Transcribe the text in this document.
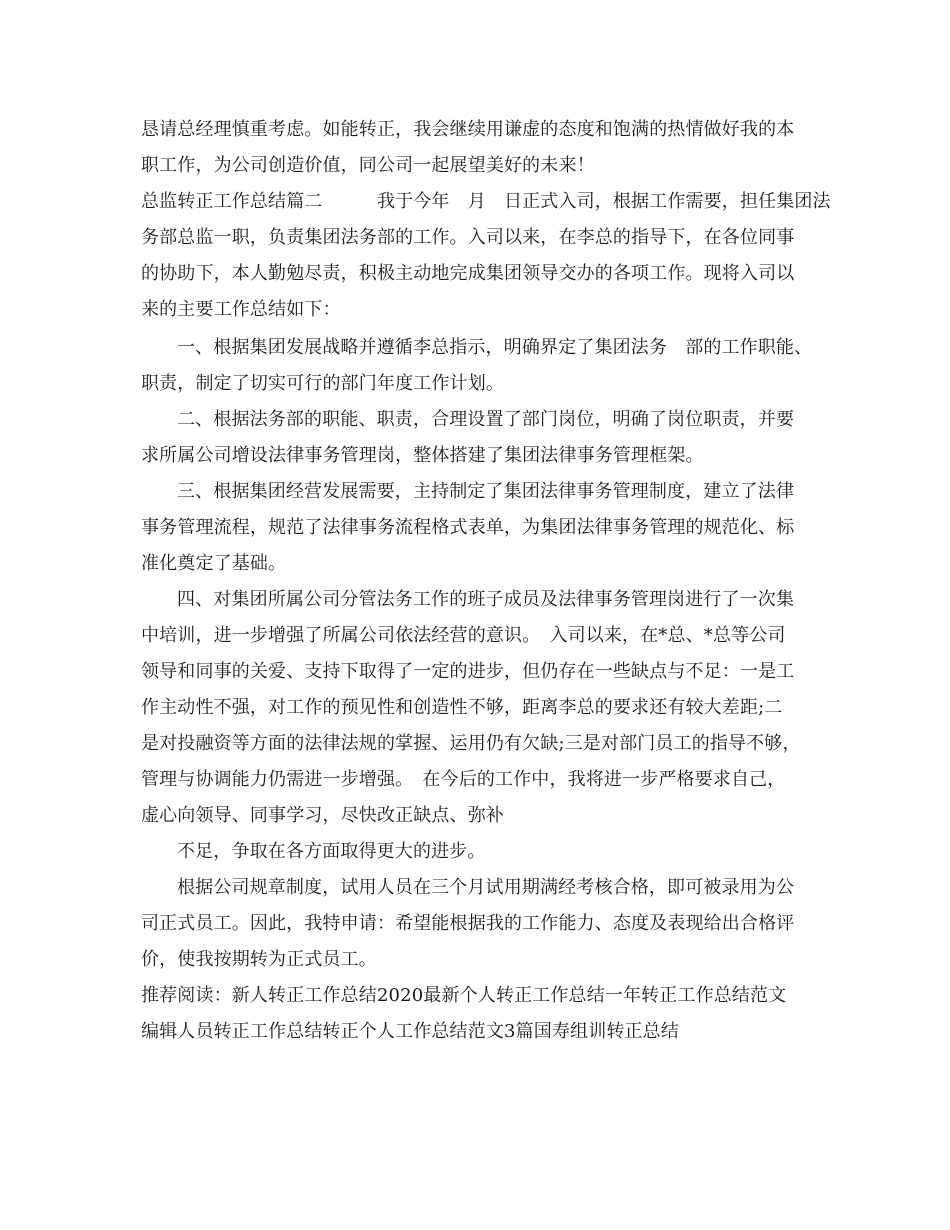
恳请总经理慎重考虑。如能转正，我会继续用谦虚的态度和饱满的热情做好我的本
职工作，为公司创造价值，同公司一起展望美好的未来！
总监转正工作总结篇二　　　我于今年　月　日正式入司，根据工作需要，担任集团法
务部总监一职，负责集团法务部的工作。入司以来，在李总的指导下，在各位同事
的协助下，本人勤勉尽责，积极主动地完成集团领导交办的各项工作。现将入司以
来的主要工作总结如下：
一、根据集团发展战略并遵循李总指示，明确界定了集团法务　部的工作职能、
职责，制定了切实可行的部门年度工作计划。
二、根据法务部的职能、职责，合理设置了部门岗位，明确了岗位职责，并要
求所属公司增设法律事务管理岗，整体搭建了集团法律事务管理框架。
三、根据集团经营发展需要，主持制定了集团法律事务管理制度，建立了法律
事务管理流程，规范了法律事务流程格式表单，为集团法律事务管理的规范化、标
准化奠定了基础。
四、对集团所属公司分管法务工作的班子成员及法律事务管理岗进行了一次集
中培训，进一步增强了所属公司依法经营的意识。　入司以来，在*总、*总等公司
领导和同事的关爱、支持下取得了一定的进步，但仍存在一些缺点与不足：一是工
作主动性不强，对工作的预见性和创造性不够，距离李总的要求还有较大差距;二
是对投融资等方面的法律法规的掌握、运用仍有欠缺;三是对部门员工的指导不够，
管理与协调能力仍需进一步增强。　在今后的工作中，我将进一步严格要求自己，
虚心向领导、同事学习，尽快改正缺点、弥补
不足，争取在各方面取得更大的进步。
根据公司规章制度，试用人员在三个月试用期满经考核合格，即可被录用为公
司正式员工。因此，我特申请：希望能根据我的工作能力、态度及表现给出合格评
价，使我按期转为正式员工。
推荐阅读：新人转正工作总结2020最新个人转正工作总结一年转正工作总结范文
编辑人员转正工作总结转正个人工作总结范文3篇国寿组训转正总结
